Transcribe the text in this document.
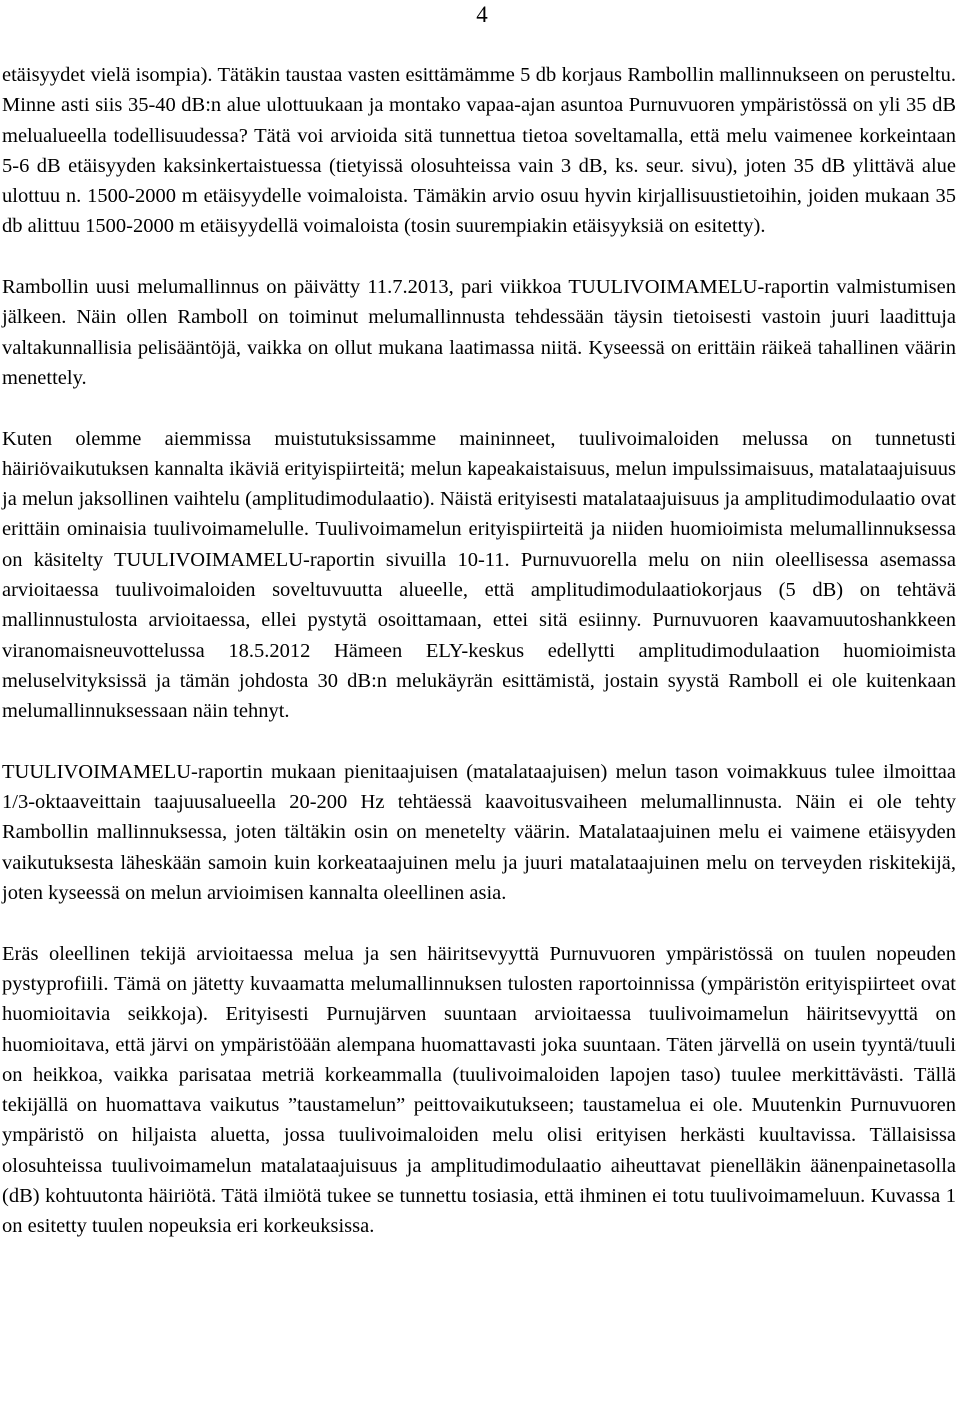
4

etäisyydet vielä isompia). Tätäkin taustaa vasten esittämämme 5 db korjaus Rambollin mallinnukseen on perusteltu. Minne asti siis 35-40 dB:n alue ulottuukaan ja montako vapaa-ajan asuntoa Purnuvuoren ympäristössä on yli 35 dB melualueella todellisuudessa? Tätä voi arvioida sitä tunnettua tietoa soveltamalla, että melu vaimenee korkeintaan 5-6 dB etäisyyden kaksinkertaistuessa (tietyissä olosuhteissa vain 3 dB, ks. seur. sivu), joten 35 dB ylittävä alue ulottuu n. 1500-2000 m etäisyydelle voimaloista. Tämäkin arvio osuu hyvin kirjallisuustietoihin, joiden mukaan 35 db alittuu 1500-2000 m etäisyydellä voimaloista (tosin suurempiakin etäisyyksiä on esitetty).

Rambollin uusi melumallinnus on päivätty 11.7.2013, pari viikkoa TUULIVOIMAMELU-raportin valmistumisen jälkeen. Näin ollen Ramboll on toiminut melumallinnusta tehdessään täysin tietoisesti vastoin juuri laadittuja valtakunnallisia pelisääntöjä, vaikka on ollut mukana laatimassa niitä. Kyseessä on erittäin räikeä tahallinen väärin menettely.

Kuten olemme aiemmissa muistutuksissamme maininneet, tuulivoimaloiden melussa on tunnetusti häiriövaikutuksen kannalta ikäviä erityispiirteitä; melun kapeakaistaisuus, melun impulssimaisuus, matalataajuisuus ja melun jaksollinen vaihtelu (amplitudimodulaatio). Näistä erityisesti matalataajuisuus ja amplitudimodulaatio ovat erittäin ominaisia tuulivoimamelulle. Tuulivoimamelun erityispiirteitä ja niiden huomioimista melumallinnuksessa on käsitelty TUULIVOIMAMELU-raportin sivuilla 10-11. Purnuvuorella melu on niin oleellisessa asemassa arvioitaessa tuulivoimaloiden soveltuvuutta alueelle, että amplitudimodulaatiokorjaus (5 dB) on tehtävä mallinnustulosta arvioitaessa, ellei pystytä osoittamaan, ettei sitä esiinny. Purnuvuoren kaavamuutoshankkeen viranomaisneuvottelussa 18.5.2012 Hämeen ELY-keskus edellytti amplitudimodulaation huomioimista meluselvityksissä ja tämän johdosta 30 dB:n melukäyrän esittämistä, jostain syystä Ramboll ei ole kuitenkaan melumallinnuksessaan näin tehnyt.

TUULIVOIMAMELU-raportin mukaan pienitaajuisen (matalataajuisen) melun tason voimakkuus tulee ilmoittaa 1/3-oktaaveittain taajuusalueella 20-200 Hz tehtäessä kaavoitusvaiheen melumallinnusta. Näin ei ole tehty Rambollin mallinnuksessa, joten tältäkin osin on menetelty väärin. Matalataajuinen melu ei vaimene etäisyyden vaikutuksesta läheskään samoin kuin korkeataajuinen melu ja juuri matalataajuinen melu on terveyden riskitekijä, joten kyseessä on melun arvioimisen kannalta oleellinen asia.

Eräs oleellinen tekijä arvioitaessa melua ja sen häiritsevyyttä Purnuvuoren ympäristössä on tuulen nopeuden pystyprofiili. Tämä on jätetty kuvaamatta melumallinnuksen tulosten raportoinnissa (ympäristön erityispiirteet ovat huomioitavia seikkoja). Erityisesti Purnujärven suuntaan arvioitaessa tuulivoimamelun häiritsevyyttä on huomioitava, että järvi on ympäristöään alempana huomattavasti joka suuntaan. Täten järvellä on usein tyyntä/tuuli on heikkoa, vaikka parisataa metriä korkeammalla (tuulivoimaloiden lapojen taso) tuulee merkittävästi. Tällä tekijällä on huomattava vaikutus ”taustamelun” peittovaikutukseen; taustamelua ei ole. Muutenkin Purnuvuoren ympäristö on hiljaista aluetta, jossa tuulivoimaloiden melu olisi erityisen herkästi kuultavissa. Tällaisissa olosuhteissa tuulivoimamelun matalataajuisuus ja amplitudimodulaatio aiheuttavat pienelläkin äänenpainetasolla (dB) kohtuutonta häiriötä. Tätä ilmiötä tukee se tunnettu tosiasia, että ihminen ei totu tuulivoimameluun. Kuvassa 1 on esitetty tuulen nopeuksia eri korkeuksissa.
